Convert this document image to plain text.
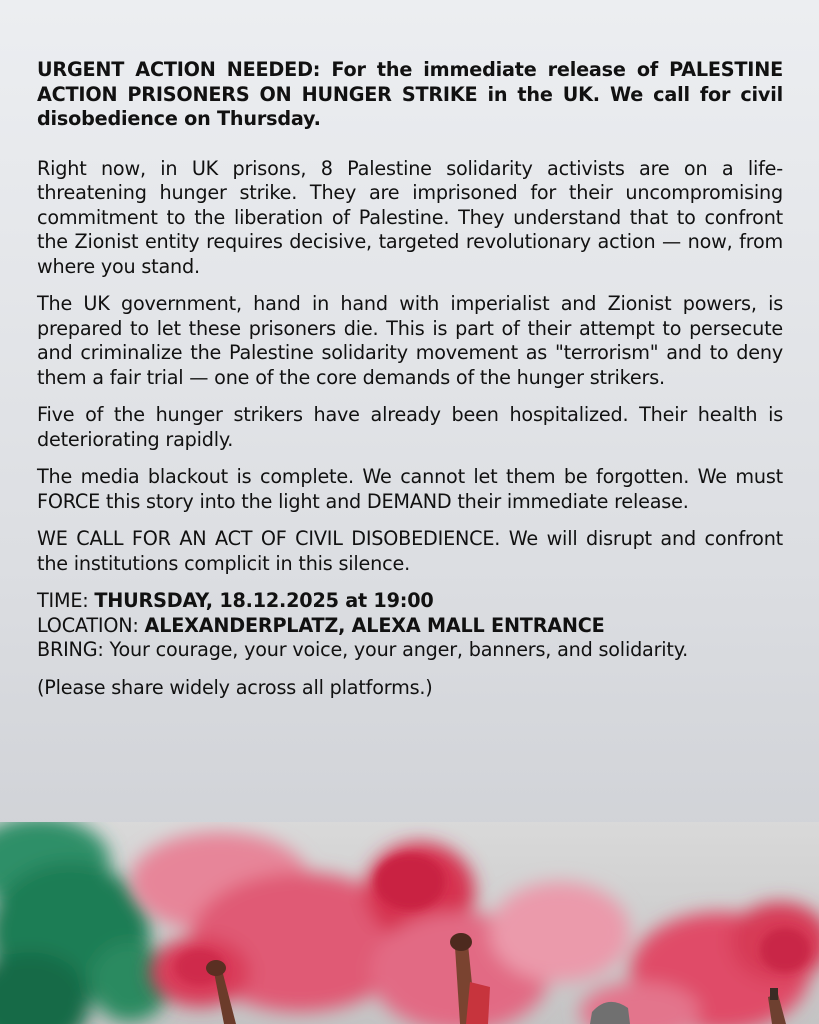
URGENT ACTION NEEDED: For the immediate release of PALESTINE ACTION PRISONERS ON HUNGER STRIKE in the UK. We call for civil disobedience on Thursday.

Right now, in UK prisons, 8 Palestine solidarity activists are on a life-threatening hunger strike. They are imprisoned for their uncompromising commitment to the liberation of Palestine. They understand that to confront the Zionist entity requires decisive, targeted revolutionary action — now, from where you stand.

The UK government, hand in hand with imperialist and Zionist powers, is prepared to let these prisoners die. This is part of their attempt to persecute and criminalize the Palestine solidarity movement as "terrorism" and to deny them a fair trial — one of the core demands of the hunger strikers.

Five of the hunger strikers have already been hospitalized. Their health is deteriorating rapidly.

The media blackout is complete. We cannot let them be forgotten. We must FORCE this story into the light and DEMAND their immediate release.

WE CALL FOR AN ACT OF CIVIL DISOBEDIENCE. We will disrupt and confront the institutions complicit in this silence.

TIME: THURSDAY, 18.12.2025 at 19:00

LOCATION: ALEXANDERPLATZ, ALEXA MALL ENTRANCE

BRING: Your courage, your voice, your anger, banners, and solidarity.

(Please share widely across all platforms.)
